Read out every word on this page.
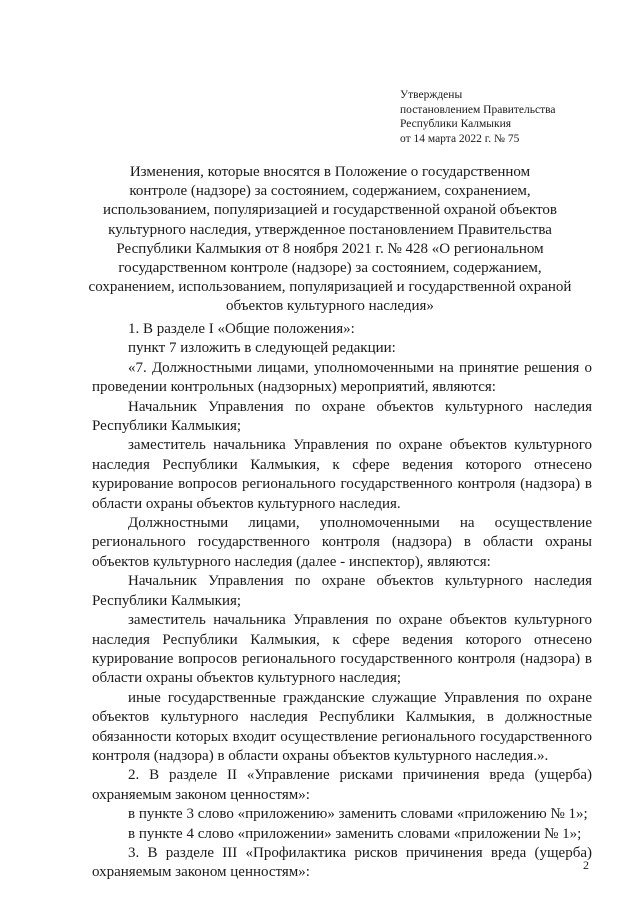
Утверждены
постановлением Правительства
Республики Калмыкия
от 14 марта 2022 г. № 75
Изменения, которые вносятся в Положение о государственном
контроле (надзоре) за состоянием, содержанием, сохранением,
использованием, популяризацией и государственной охраной объектов
культурного наследия, утвержденное постановлением Правительства
Республики Калмыкия от 8 ноября 2021 г. № 428 «О региональном
государственном контроле (надзоре) за состоянием, содержанием,
сохранением, использованием, популяризацией и государственной охраной
объектов культурного наследия»

1. В разделе I «Общие положения»:

пункт 7 изложить в следующей редакции:

«7. Должностными лицами, уполномоченными на принятие решения о проведении контрольных (надзорных) мероприятий, являются:

Начальник Управления по охране объектов культурного наследия Республики Калмыкия;

заместитель начальника Управления по охране объектов культурного наследия Республики Калмыкия, к сфере ведения которого отнесено курирование вопросов регионального государственного контроля (надзора) в области охраны объектов культурного наследия.

Должностными лицами, уполномоченными на осуществление регионального государственного контроля (надзора) в области охраны объектов культурного наследия (далее - инспектор), являются:

Начальник Управления по охране объектов культурного наследия Республики Калмыкия;

заместитель начальника Управления по охране объектов культурного наследия Республики Калмыкия, к сфере ведения которого отнесено курирование вопросов регионального государственного контроля (надзора) в области охраны объектов культурного наследия;

иные государственные гражданские служащие Управления по охране объектов культурного наследия Республики Калмыкия, в должностные обязанности которых входит осуществление регионального государственного контроля (надзора) в области охраны объектов культурного наследия.».

2. В разделе II «Управление рисками причинения вреда (ущерба) охраняемым законом ценностям»:

в пункте 3 слово «приложению» заменить словами «приложению № 1»;

в пункте 4 слово «приложении» заменить словами «приложении № 1»;

3. В разделе III «Профилактика рисков причинения вреда (ущерба) охраняемым законом ценностям»:	2
